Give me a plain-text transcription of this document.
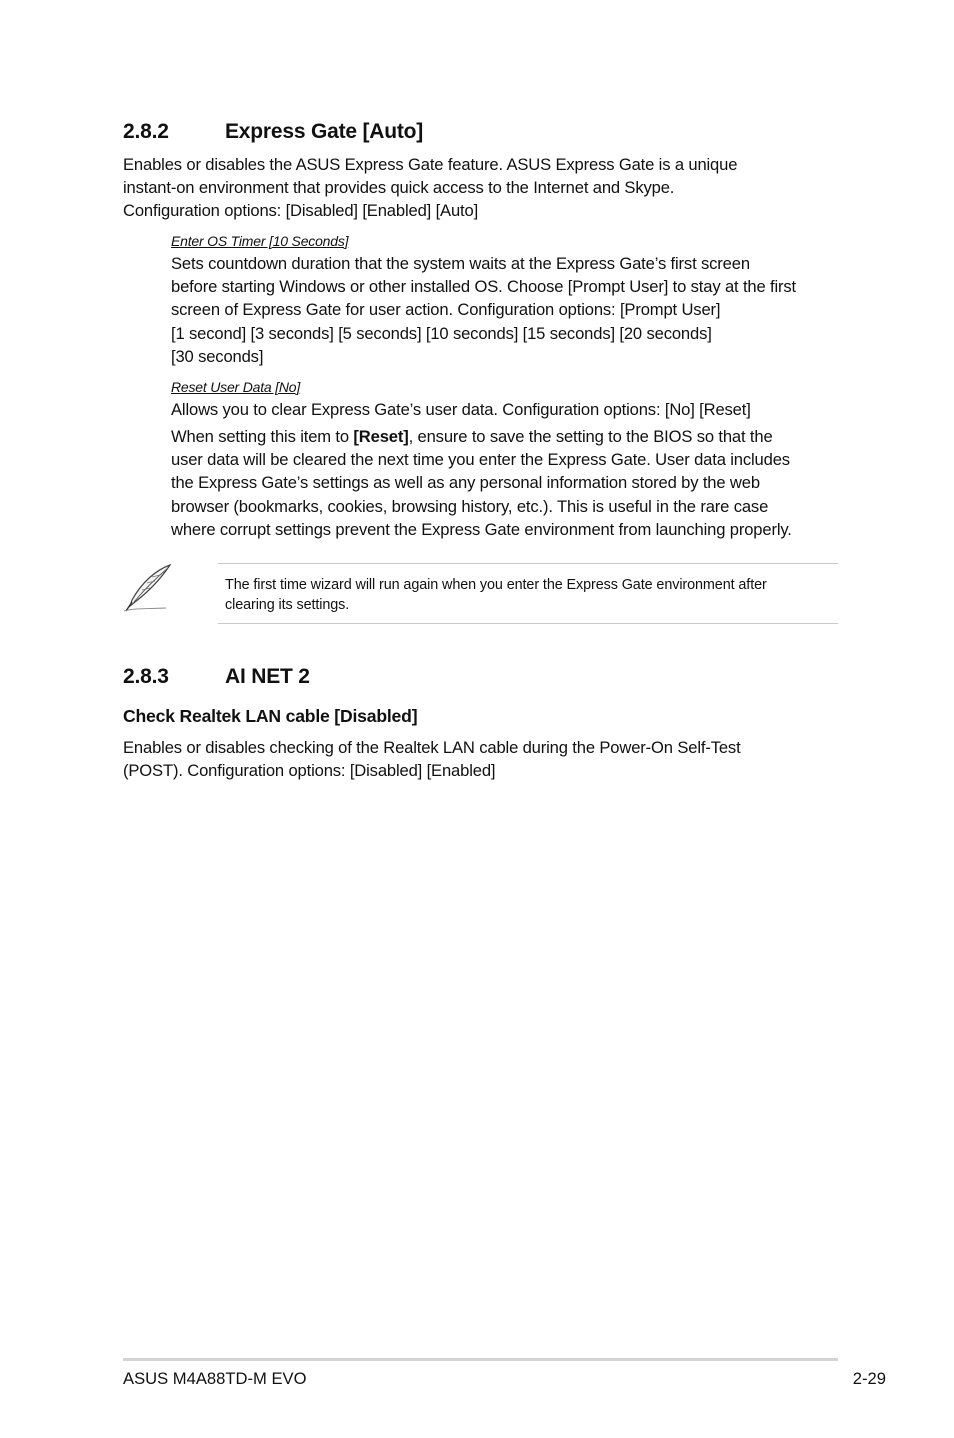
2.8.2	Express Gate [Auto]
Enables or disables the ASUS Express Gate feature. ASUS Express Gate is a unique
instant-on environment that provides quick access to the Internet and Skype.
Configuration options: [Disabled] [Enabled] [Auto]
Enter OS Timer [10 Seconds]
Sets countdown duration that the system waits at the Express Gate’s first screen
before starting Windows or other installed OS. Choose [Prompt User] to stay at the first
screen of Express Gate for user action. Configuration options: [Prompt User]
[1 second] [3 seconds] [5 seconds] [10 seconds] [15 seconds] [20 seconds]
[30 seconds]
Reset User Data [No]
Allows you to clear Express Gate’s user data. Configuration options: [No] [Reset]
When setting this item to [Reset], ensure to save the setting to the BIOS so that the
user data will be cleared the next time you enter the Express Gate. User data includes
the Express Gate’s settings as well as any personal information stored by the web
browser (bookmarks, cookies, browsing history, etc.). This is useful in the rare case
where corrupt settings prevent the Express Gate environment from launching properly.
The first time wizard will run again when you enter the Express Gate environment after
clearing its settings.
2.8.3	AI NET 2
Check Realtek LAN cable [Disabled]
Enables or disables checking of the Realtek LAN cable during the Power-On Self-Test
(POST). Configuration options: [Disabled] [Enabled]
ASUS M4A88TD-M EVO	2-29
